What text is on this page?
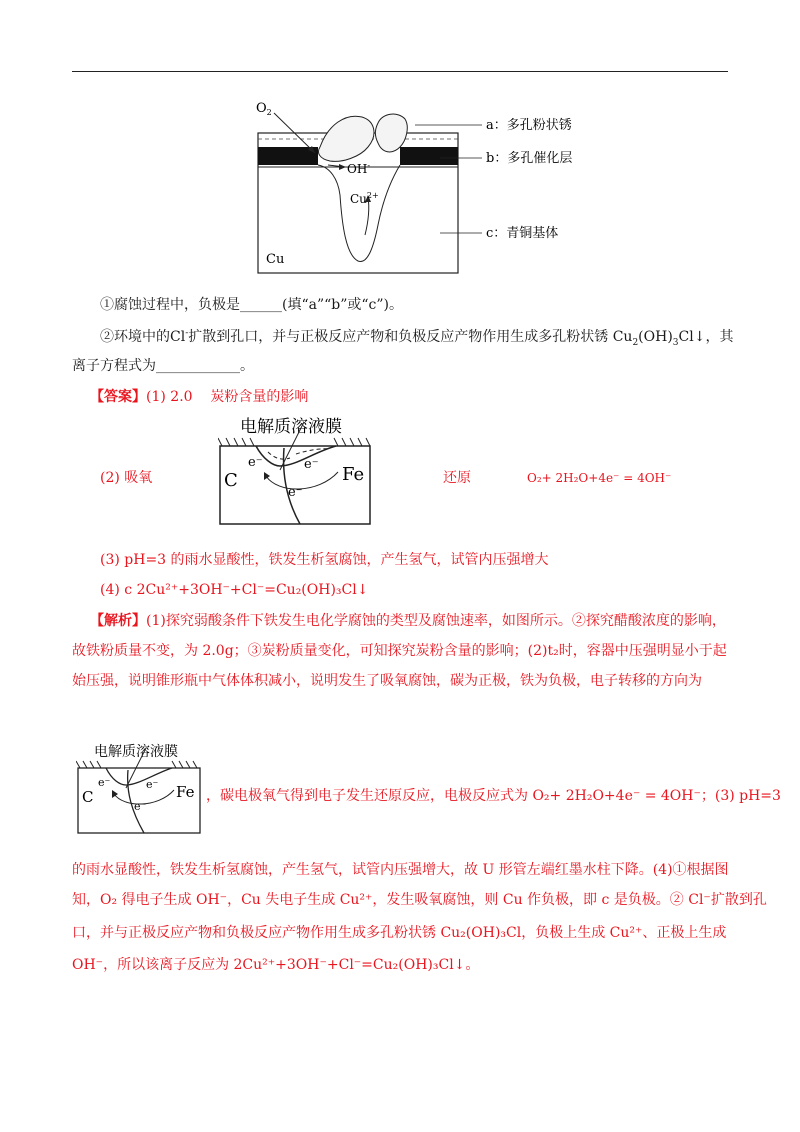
$O_2$
OH-
$Cu^{2+}$
Cu
a：多孔粉状锈
b：多孔催化层
c：青铜基体
①腐蚀过程中，负极是______(填“a”“b”或“c”)。
②环境中的Cl-扩散到孔口，并与正极反应产物和负极反应产物作用生成多孔粉状锈 $Cu_2(OH)_3Cl↓$，其
离子方程式为____________。
【答案】(1) 2.0 炭粉含量的影响
电解质溶液膜
C	Fe
e⁻	e⁻
e⁻
(2) 吸氧	还原	O₂+ 2H₂O+4e⁻ = 4OH⁻
(3) pH=3 的雨水显酸性，铁发生析氢腐蚀，产生氢气，试管内压强增大
(4) c 2Cu²⁺+3OH⁻+Cl⁻=Cu₂(OH)₃Cl↓
【解析】(1)探究弱酸条件下铁发生电化学腐蚀的类型及腐蚀速率，如图所示。②探究醋酸浓度的影响，
故铁粉质量不变，为 2.0g；③炭粉质量变化，可知探究炭粉含量的影响；(2)t₂时，容器中压强明显小于起
始压强，说明锥形瓶中气体体积减小，说明发生了吸氧腐蚀，碳为正极，铁为负极，电子转移的方向为
电解质溶液膜
C	Fe
e⁻	e⁻
e⁻
，碳电极氧气得到电子发生还原反应，电极反应式为 O₂+ 2H₂O+4e⁻ = 4OH⁻；(3) pH=3
的雨水显酸性，铁发生析氢腐蚀，产生氢气，试管内压强增大，故 U 形管左端红墨水柱下降。(4)①根据图
知，O₂ 得电子生成 OH⁻，Cu 失电子生成 Cu²⁺，发生吸氧腐蚀，则 Cu 作负极，即 c 是负极。② Cl⁻扩散到孔
口，并与正极反应产物和负极反应产物作用生成多孔粉状锈 Cu₂(OH)₃Cl，负极上生成 Cu²⁺、正极上生成
OH⁻，所以该离子反应为 2Cu²⁺+3OH⁻+Cl⁻=Cu₂(OH)₃Cl↓。
